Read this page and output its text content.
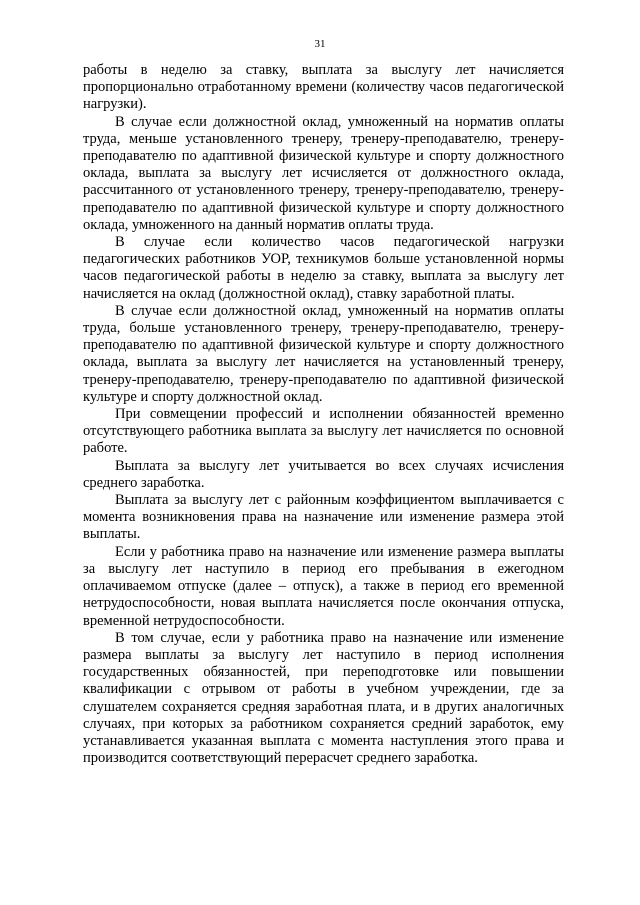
31

работы в неделю за ставку, выплата за выслугу лет начисляется пропорционально отработанному времени (количеству часов педагогической нагрузки).

В случае если должностной оклад, умноженный на норматив оплаты труда, меньше установленного тренеру, тренеру-преподавателю, тренеру-преподавателю по адаптивной физической культуре и спорту должностного оклада, выплата за выслугу лет исчисляется от должностного оклада, рассчитанного от установленного тренеру, тренеру-преподавателю, тренеру-преподавателю по адаптивной физической культуре и спорту должностного оклада, умноженного на данный норматив оплаты труда.

В случае если количество часов педагогической нагрузки педагогических работников УОР, техникумов больше установленной нормы часов педагогической работы в неделю за ставку, выплата за выслугу лет начисляется на оклад (должностной оклад), ставку заработной платы.

В случае если должностной оклад, умноженный на норматив оплаты труда, больше установленного тренеру, тренеру-преподавателю, тренеру-преподавателю по адаптивной физической культуре и спорту должностного оклада, выплата за выслугу лет начисляется на установленный тренеру, тренеру-преподавателю, тренеру-преподавателю по адаптивной физической культуре и спорту должностной оклад.

При совмещении профессий и исполнении обязанностей временно отсутствующего работника выплата за выслугу лет начисляется по основной работе.

Выплата за выслугу лет учитывается во всех случаях исчисления среднего заработка.

Выплата за выслугу лет с районным коэффициентом выплачивается с момента возникновения права на назначение или изменение размера этой выплаты.

Если у работника право на назначение или изменение размера выплаты за выслугу лет наступило в период его пребывания в ежегодном оплачиваемом отпуске (далее – отпуск), а также в период его временной нетрудоспособности, новая выплата начисляется после окончания отпуска, временной нетрудоспособности.

В том случае, если у работника право на назначение или изменение размера выплаты за выслугу лет наступило в период исполнения государственных обязанностей, при переподготовке или повышении квалификации с отрывом от работы в учебном учреждении, где за слушателем сохраняется средняя заработная плата, и в других аналогичных случаях, при которых за работником сохраняется средний заработок, ему устанавливается указанная выплата с момента наступления этого права и производится соответствующий перерасчет среднего заработка.
